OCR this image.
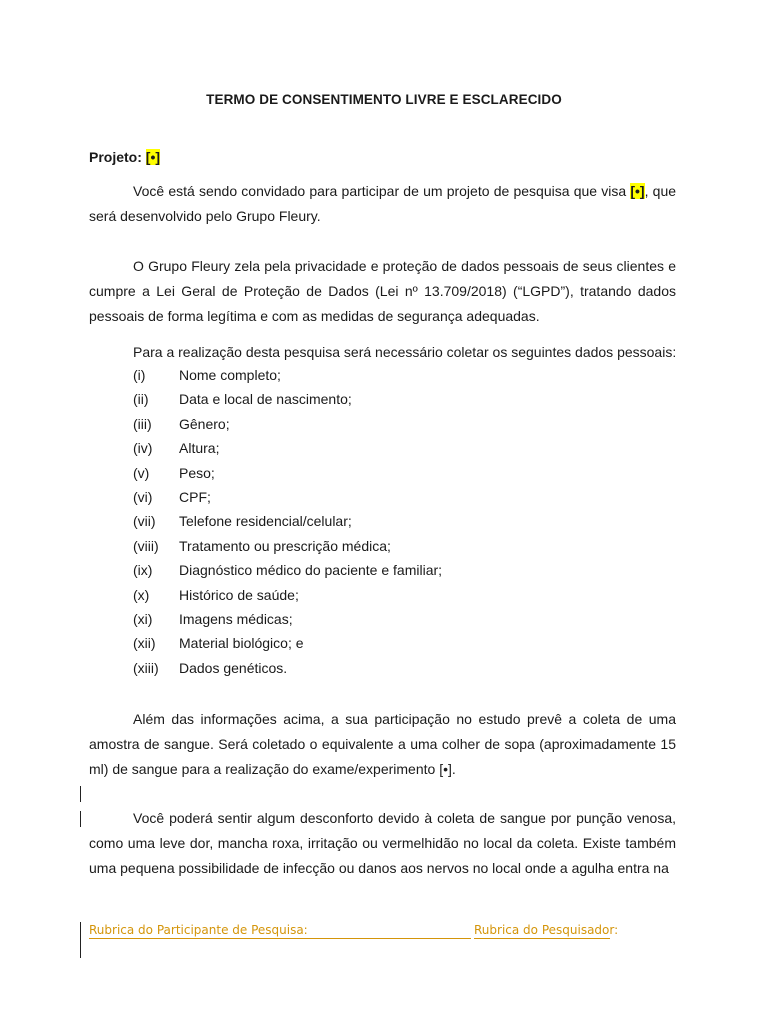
TERMO DE CONSENTIMENTO LIVRE E ESCLARECIDO
Projeto: [•]
Você está sendo convidado para participar de um projeto de pesquisa que visa [•], que será desenvolvido pelo Grupo Fleury.
O Grupo Fleury zela pela privacidade e proteção de dados pessoais de seus clientes e cumpre a Lei Geral de Proteção de Dados (Lei nº 13.709/2018) (“LGPD”), tratando dados pessoais de forma legítima e com as medidas de segurança adequadas.
Para a realização desta pesquisa será necessário coletar os seguintes dados pessoais:
(i) Nome completo;
(ii) Data e local de nascimento;
(iii) Gênero;
(iv) Altura;
(v) Peso;
(vi) CPF;
(vii) Telefone residencial/celular;
(viii) Tratamento ou prescrição médica;
(ix) Diagnóstico médico do paciente e familiar;
(x) Histórico de saúde;
(xi) Imagens médicas;
(xii) Material biológico; e
(xiii) Dados genéticos.
Além das informações acima, a sua participação no estudo prevê a coleta de uma amostra de sangue. Será coletado o equivalente a uma colher de sopa (aproximadamente 15 ml) de sangue para a realização do exame/experimento [•].
Você poderá sentir algum desconforto devido à coleta de sangue por punção venosa, como uma leve dor, mancha roxa, irritação ou vermelhidão no local da coleta. Existe também uma pequena possibilidade de infecção ou danos aos nervos no local onde a agulha entra na
Rubrica do Participante de Pesquisa:	Rubrica do Pesquisador:
